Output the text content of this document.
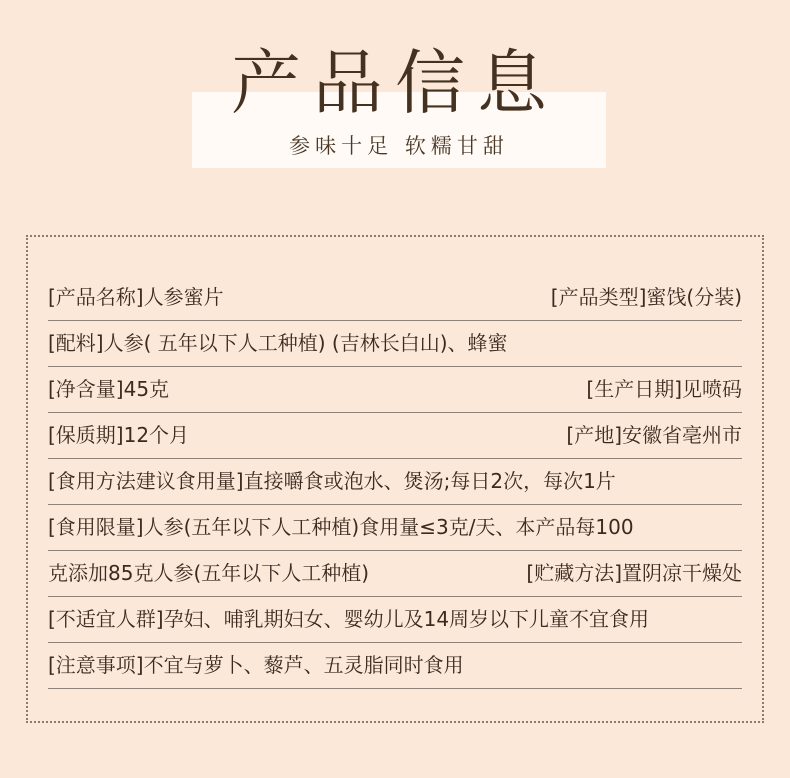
产品信息
参味十足 软糯甘甜
[产品名称]人参蜜片	[产品类型]蜜饯(分装)
[配料]人参( 五年以下人工种植) (吉林长白山)、蜂蜜
[净含量]45克	[生产日期]见喷码
[保质期]12个月	[产地]安徽省亳州市
[食用方法建议食用量]直接嚼食或泡水、煲汤;每日2次，每次1片
[食用限量]人参(五年以下人工种植)食用量≤3克/天、本产品每100
克添加85克人参(五年以下人工种植)	[贮藏方法]置阴凉干燥处
[不适宜人群]孕妇、哺乳期妇女、婴幼儿及14周岁以下儿童不宜食用
[注意事项]不宜与萝卜、藜芦、五灵脂同时食用
